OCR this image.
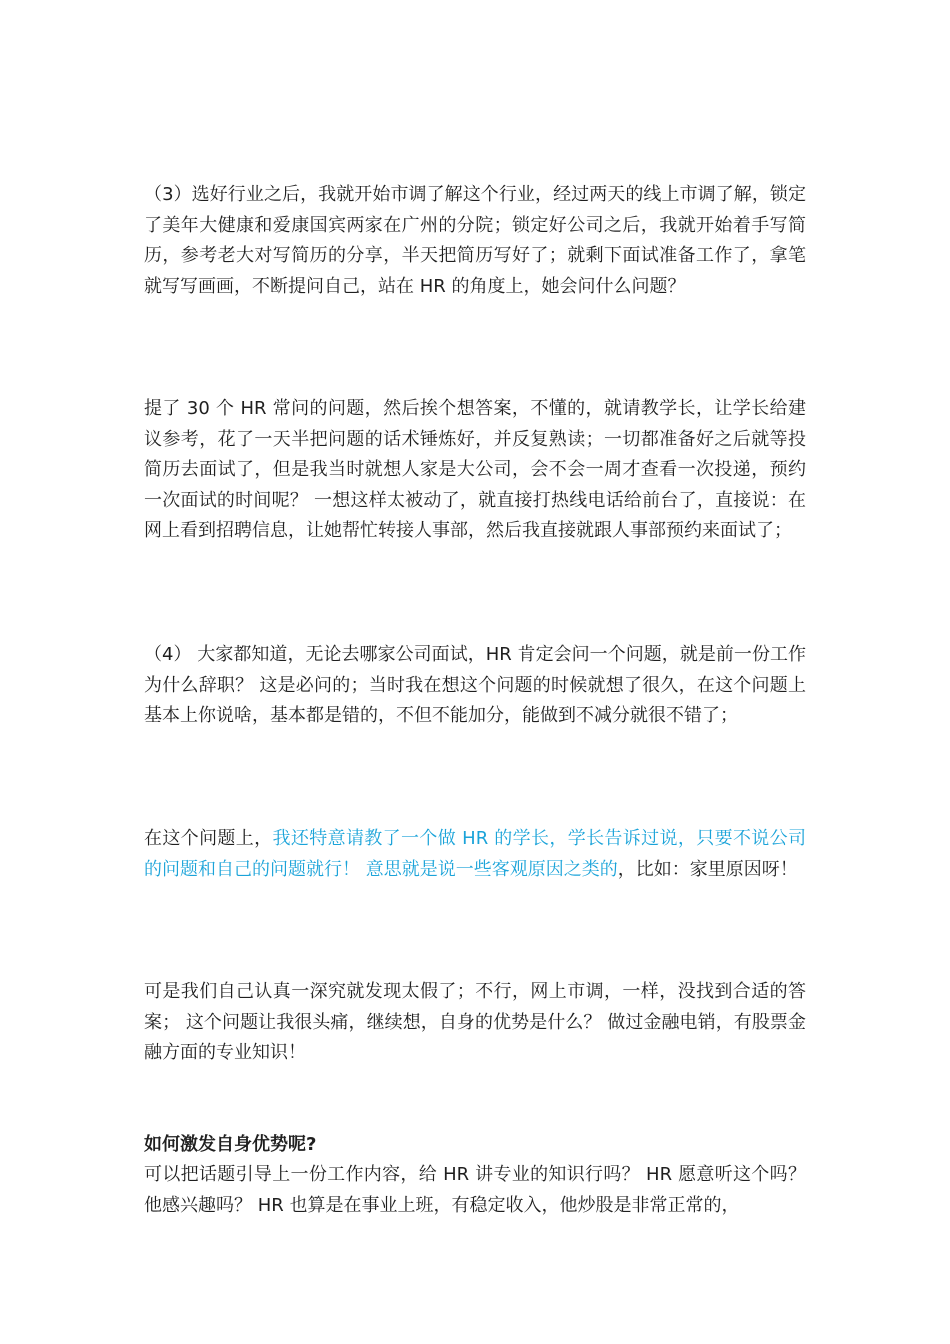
（3）选好行业之后，我就开始市调了解这个行业，经过两天的线上市调了解，锁定了美年大健康和爱康国宾两家在广州的分院；锁定好公司之后，我就开始着手写简历，参考老大对写简历的分享，半天把简历写好了；就剩下面试准备工作了，拿笔就写写画画，不断提问自己，站在 HR 的角度上，她会问什么问题？

提了 30 个 HR 常问的问题，然后挨个想答案，不懂的，就请教学长，让学长给建议参考，花了一天半把问题的话术锤炼好，并反复熟读；一切都准备好之后就等投简历去面试了，但是我当时就想人家是大公司，会不会一周才查看一次投递，预约一次面试的时间呢？ 一想这样太被动了，就直接打热线电话给前台了，直接说：在网上看到招聘信息，让她帮忙转接人事部，然后我直接就跟人事部预约来面试了；

（4） 大家都知道，无论去哪家公司面试，HR 肯定会问一个问题，就是前一份工作为什么辞职？ 这是必问的；当时我在想这个问题的时候就想了很久，在这个问题上基本上你说啥，基本都是错的，不但不能加分，能做到不减分就很不错了；

在这个问题上，我还特意请教了一个做 HR 的学长，学长告诉过说，只要不说公司的问题和自己的问题就行！ 意思就是说一些客观原因之类的，比如：家里原因呀！

可是我们自己认真一深究就发现太假了；不行，网上市调，一样，没找到合适的答案； 这个问题让我很头痛，继续想，自身的优势是什么？ 做过金融电销，有股票金融方面的专业知识！

如何激发自身优势呢?

可以把话题引导上一份工作内容，给 HR 讲专业的知识行吗？ HR 愿意听这个吗？他感兴趣吗？ HR 也算是在事业上班，有稳定收入，他炒股是非常正常的，
